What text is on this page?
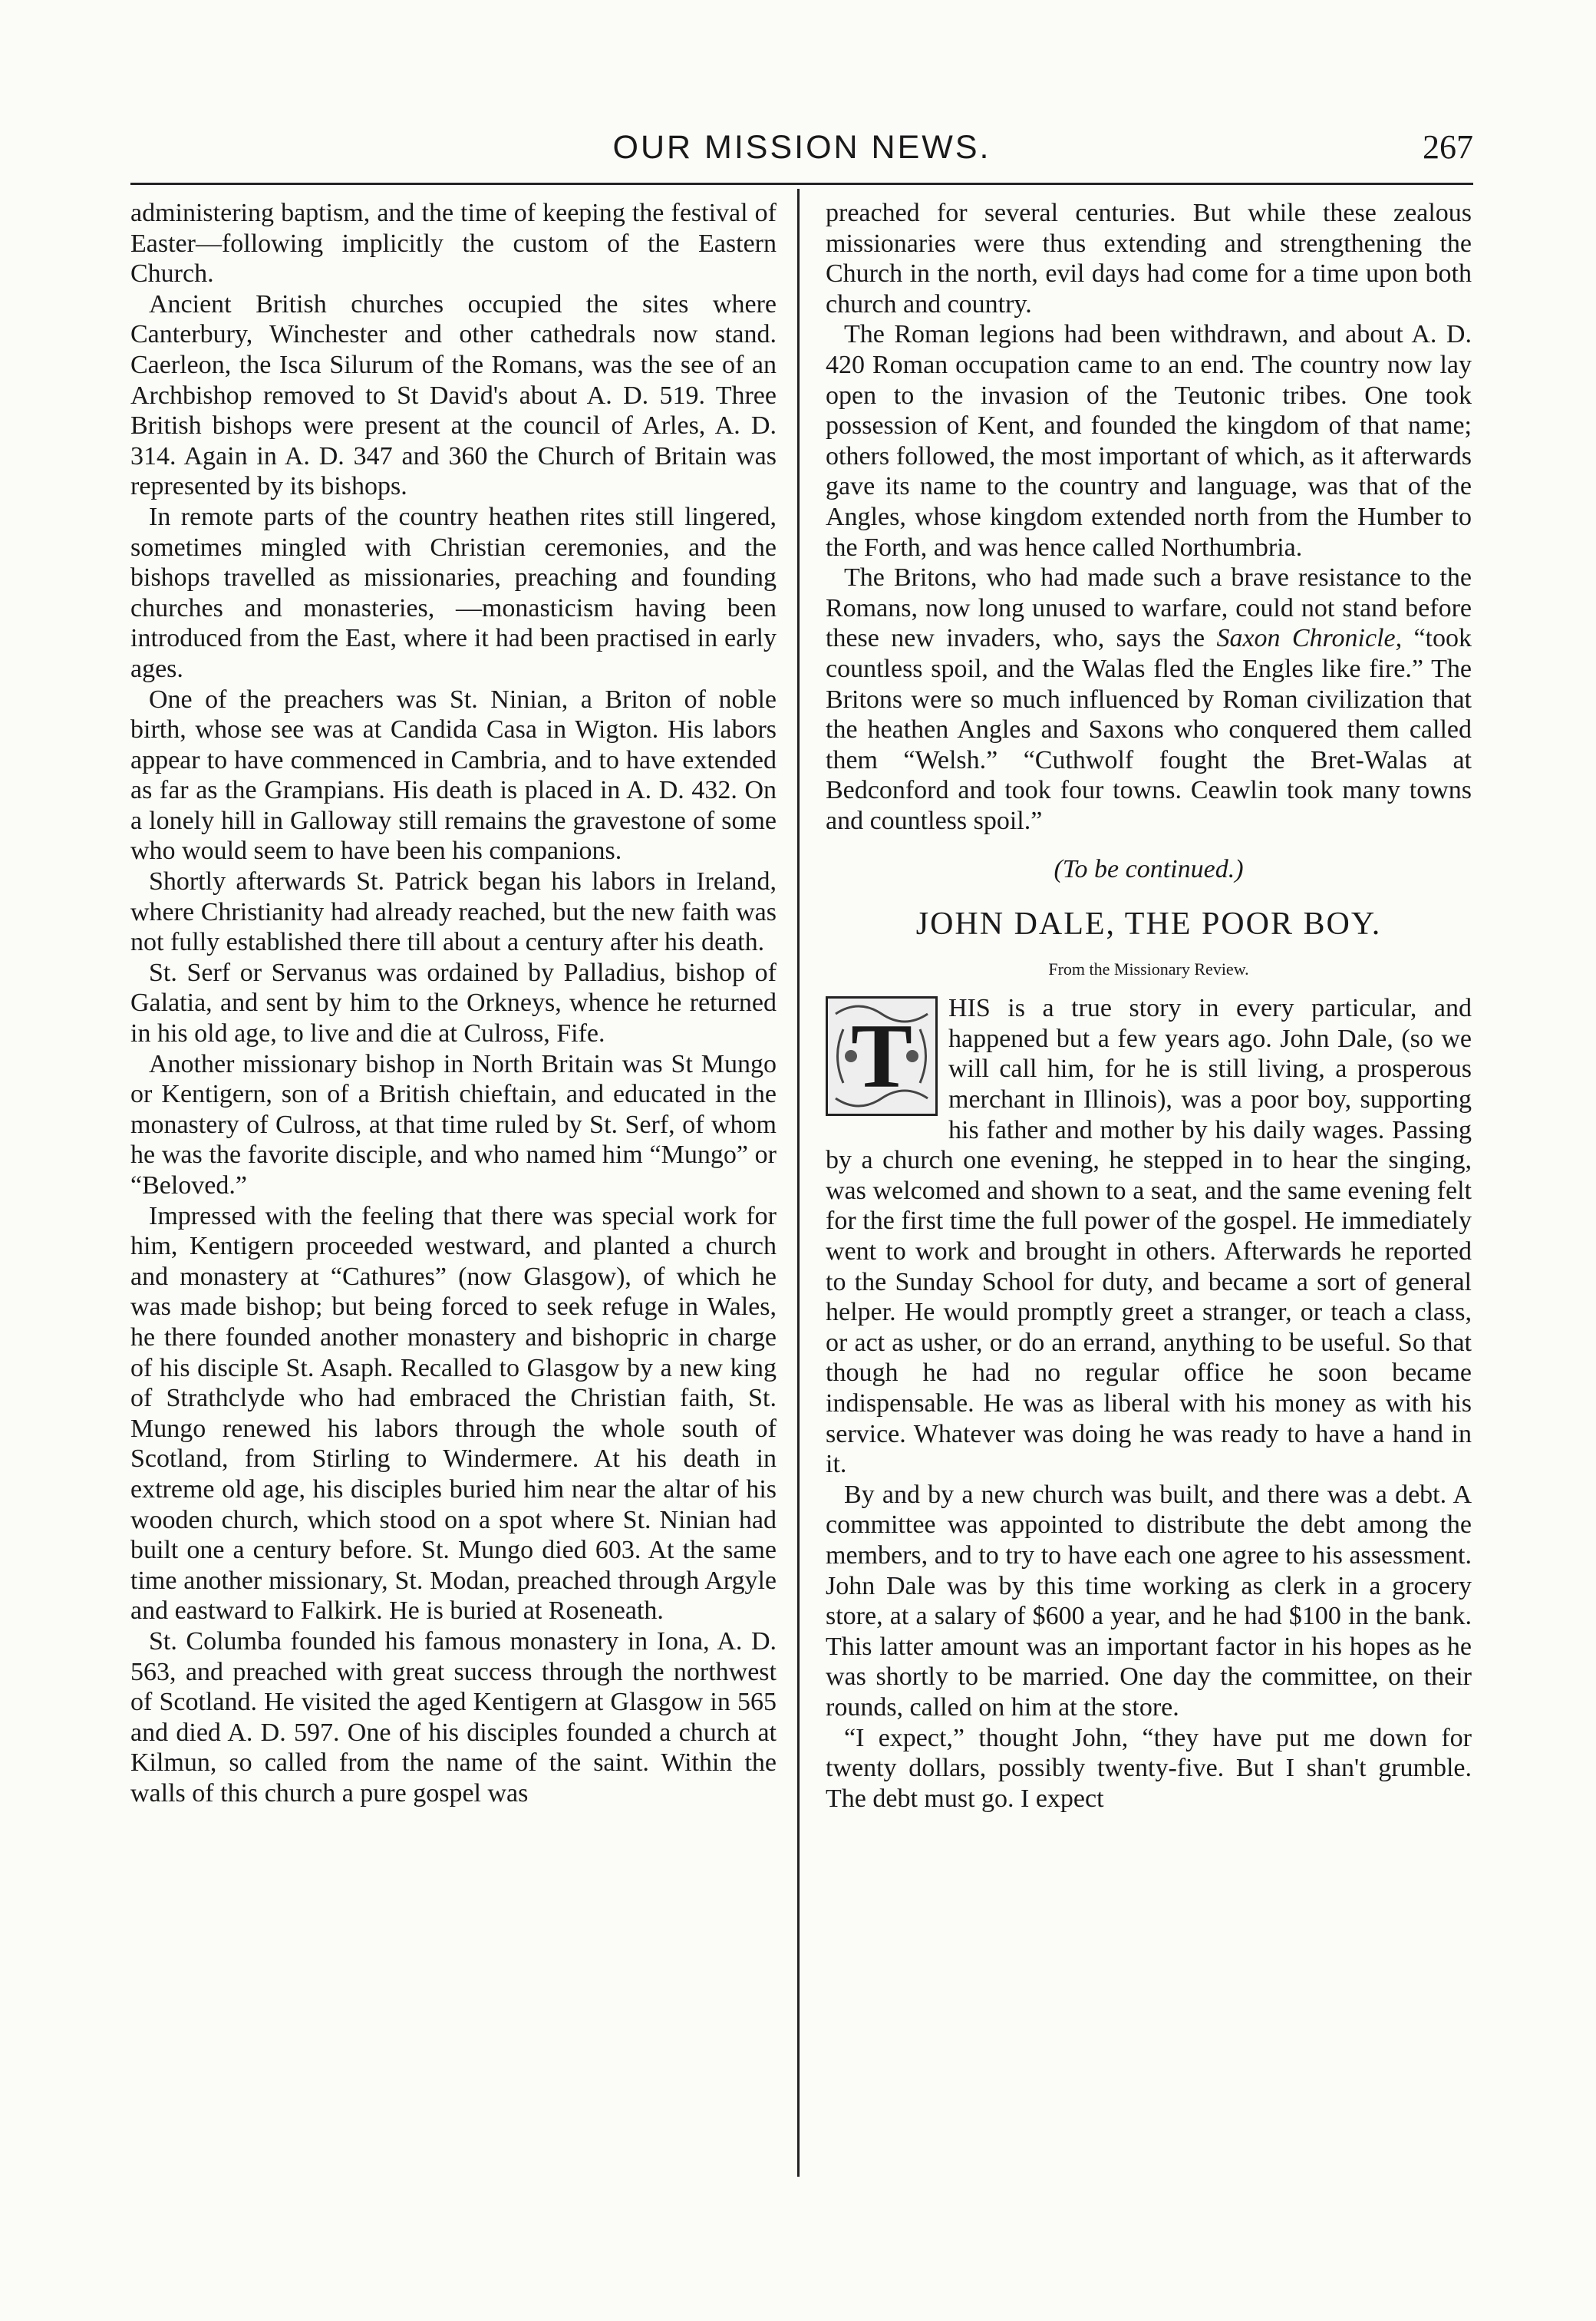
OUR MISSION NEWS.	267

administering baptism, and the time of keeping the festival of Easter—following implicitly the custom of the Eastern Church.

Ancient British churches occupied the sites where Canterbury, Winchester and other cathedrals now stand. Caerleon, the Isca Silurum of the Romans, was the see of an Archbishop removed to St David's about A. D. 519. Three British bishops were present at the council of Arles, A. D. 314. Again in A. D. 347 and 360 the Church of Britain was represented by its bishops.

In remote parts of the country heathen rites still lingered, sometimes mingled with Christian ceremonies, and the bishops travelled as missionaries, preaching and founding churches and monasteries, —monasticism having been introduced from the East, where it had been practised in early ages.

One of the preachers was St. Ninian, a Briton of noble birth, whose see was at Candida Casa in Wigton. His labors appear to have commenced in Cambria, and to have extended as far as the Grampians. His death is placed in A. D. 432. On a lonely hill in Galloway still remains the gravestone of some who would seem to have been his companions.

Shortly afterwards St. Patrick began his labors in Ireland, where Christianity had already reached, but the new faith was not fully established there till about a century after his death.

St. Serf or Servanus was ordained by Palladius, bishop of Galatia, and sent by him to the Orkneys, whence he returned in his old age, to live and die at Culross, Fife.

Another missionary bishop in North Britain was St Mungo or Kentigern, son of a British chieftain, and educated in the monastery of Culross, at that time ruled by St. Serf, of whom he was the favorite disciple, and who named him “Mungo” or “Beloved.”

Impressed with the feeling that there was special work for him, Kentigern proceeded westward, and planted a church and monastery at “Cathures” (now Glasgow), of which he was made bishop; but being forced to seek refuge in Wales, he there founded another monastery and bishopric in charge of his disciple St. Asaph. Recalled to Glasgow by a new king of Strathclyde who had embraced the Christian faith, St. Mungo renewed his labors through the whole south of Scotland, from Stirling to Windermere. At his death in extreme old age, his disciples buried him near the altar of his wooden church, which stood on a spot where St. Ninian had built one a century before. St. Mungo died 603. At the same time another missionary, St. Modan, preached through Argyle and eastward to Falkirk. He is buried at Roseneath.

St. Columba founded his famous monastery in Iona, A. D. 563, and preached with great success through the northwest of Scotland. He visited the aged Kentigern at Glasgow in 565 and died A. D. 597. One of his disciples founded a church at Kilmun, so called from the name of the saint. Within the walls of this church a pure gospel was

preached for several centuries. But while these zealous missionaries were thus extending and strengthening the Church in the north, evil days had come for a time upon both church and country.

The Roman legions had been withdrawn, and about A. D. 420 Roman occupation came to an end. The country now lay open to the invasion of the Teutonic tribes. One took possession of Kent, and founded the kingdom of that name; others followed, the most important of which, as it afterwards gave its name to the country and language, was that of the Angles, whose kingdom extended north from the Humber to the Forth, and was hence called Northumbria.

The Britons, who had made such a brave resistance to the Romans, now long unused to warfare, could not stand before these new invaders, who, says the Saxon Chronicle, “took countless spoil, and the Walas fled the Engles like fire.” The Britons were so much influenced by Roman civilization that the heathen Angles and Saxons who conquered them called them “Welsh.” “Cuthwolf fought the Bret-Walas at Bedconford and took four towns. Ceawlin took many towns and countless spoil.”

(To be continued.)
JOHN DALE, THE POOR BOY.
From the Missionary Review.

T HIS is a true story in every particular, and happened but a few years ago. John Dale, (so we will call him, for he is still living, a prosperous merchant in Illinois), was a poor boy, supporting his father and mother by his daily wages. Passing by a church one evening, he stepped in to hear the singing, was welcomed and shown to a seat, and the same evening felt for the first time the full power of the gospel. He immediately went to work and brought in others. Afterwards he reported to the Sunday School for duty, and became a sort of general helper. He would promptly greet a stranger, or teach a class, or act as usher, or do an errand, anything to be useful. So that though he had no regular office he soon became indispensable. He was as liberal with his money as with his service. Whatever was doing he was ready to have a hand in it.

By and by a new church was built, and there was a debt. A committee was appointed to distribute the debt among the members, and to try to have each one agree to his assessment. John Dale was by this time working as clerk in a grocery store, at a salary of $600 a year, and he had $100 in the bank. This latter amount was an important factor in his hopes as he was shortly to be married. One day the committee, on their rounds, called on him at the store.

“I expect,” thought John, “they have put me down for twenty dollars, possibly twenty-five. But I shan't grumble. The debt must go. I expect
